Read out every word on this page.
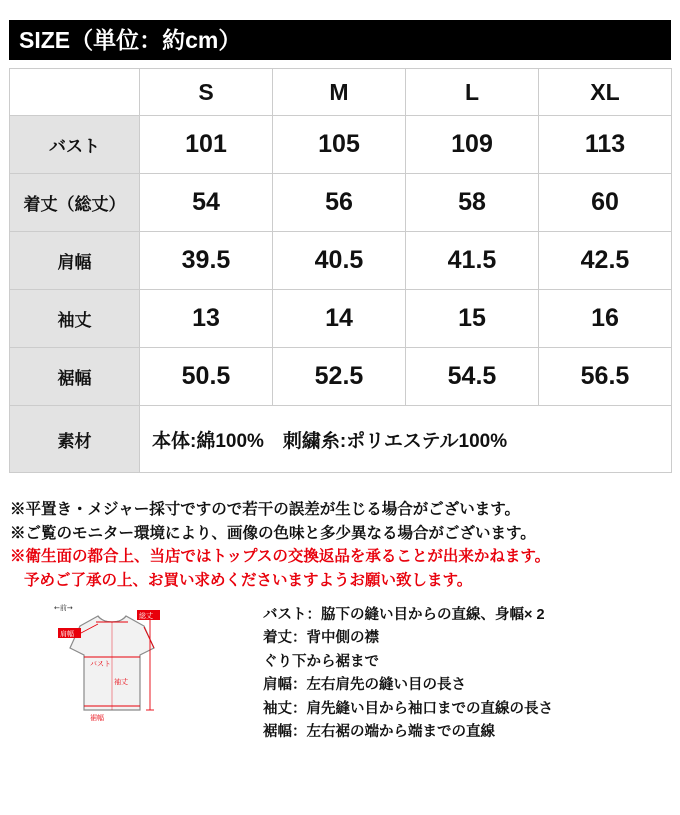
SIZE（単位：約cm）
	S	M	L	XL
バスト	101	105	109	113
着丈（総丈）	54	56	58	60
肩幅	39.5	40.5	41.5	42.5
袖丈	13	14	15	16
裾幅	50.5	52.5	54.5	56.5
素材	本体:綿100%　刺繍糸:ポリエステル100%			
※平置き・メジャー採寸ですので若干の誤差が生じる場合がございます。
※ご覧のモニター環境により、画像の色味と多少異なる場合がございます。
※衛生面の都合上、当店ではトップスの交換返品を承ることが出来かねます。
予めご了承の上、お買い求めくださいますようお願い致します。
←前→
総丈
肩幅
バスト
袖丈
裾幅
バスト：脇下の縫い目からの直線、身幅× 2
着丈：背中側の襟
ぐり下から裾まで
肩幅：左右肩先の縫い目の長さ
袖丈：肩先縫い目から袖口までの直線の長さ
裾幅：左右裾の端から端までの直線
